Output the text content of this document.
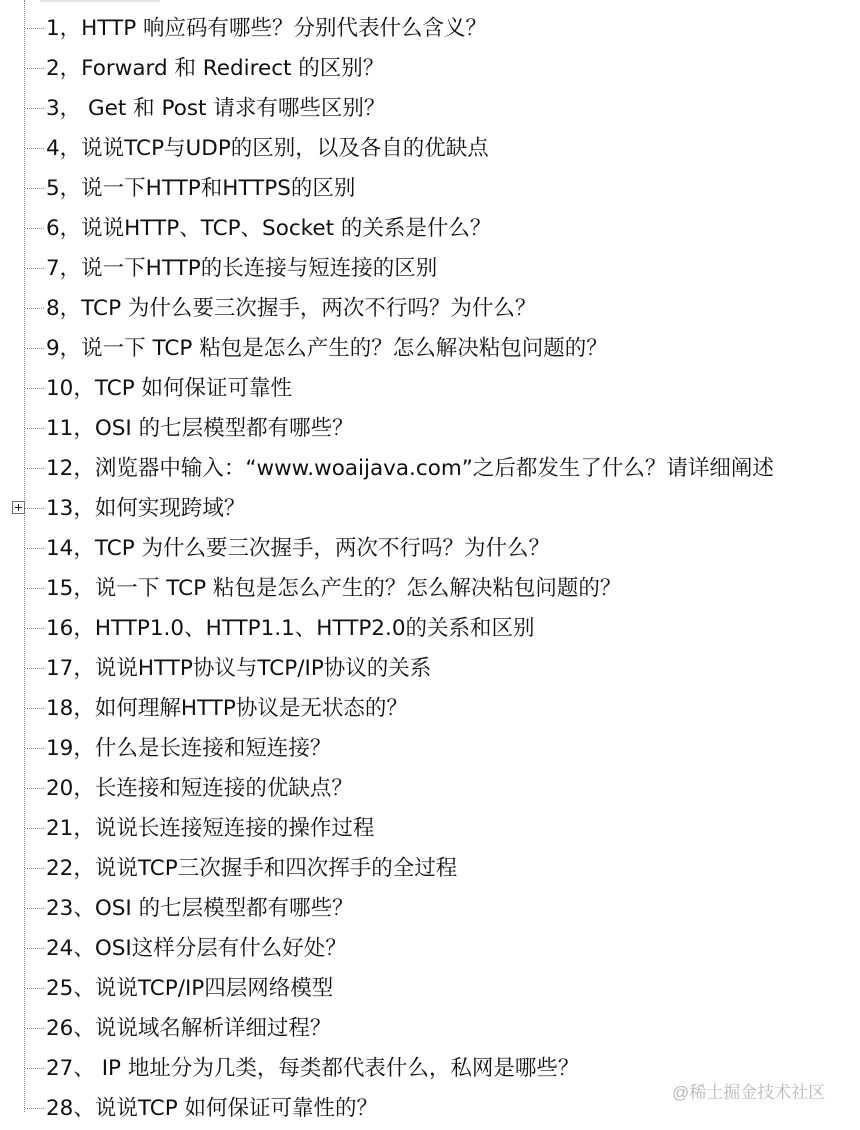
1，HTTP 响应码有哪些？分别代表什么含义？
2，Forward 和 Redirect 的区别？
3， Get 和 Post 请求有哪些区别？
4，说说TCP与UDP的区别，以及各自的优缺点
5，说一下HTTP和HTTPS的区别
6，说说HTTP、TCP、Socket 的关系是什么？
7，说一下HTTP的长连接与短连接的区别
8，TCP 为什么要三次握手，两次不行吗？为什么？
9，说一下 TCP 粘包是怎么产生的？怎么解决粘包问题的？
10，TCP 如何保证可靠性
11，OSI 的七层模型都有哪些？
12，浏览器中输入：“www.woaijava.com”之后都发生了什么？请详细阐述
13，如何实现跨域？
14，TCP 为什么要三次握手，两次不行吗？为什么？
15，说一下 TCP 粘包是怎么产生的？怎么解决粘包问题的？
16，HTTP1.0、HTTP1.1、HTTP2.0的关系和区别
17，说说HTTP协议与TCP/IP协议的关系
18，如何理解HTTP协议是无状态的？
19，什么是长连接和短连接？
20，长连接和短连接的优缺点？
21，说说长连接短连接的操作过程
22，说说TCP三次握手和四次挥手的全过程
23、OSI 的七层模型都有哪些？
24、OSI这样分层有什么好处？
25、说说TCP/IP四层网络模型
26、说说域名解析详细过程？
27、 IP 地址分为几类，每类都代表什么，私网是哪些？
28、说说TCP 如何保证可靠性的？
@稀土掘金技术社区
